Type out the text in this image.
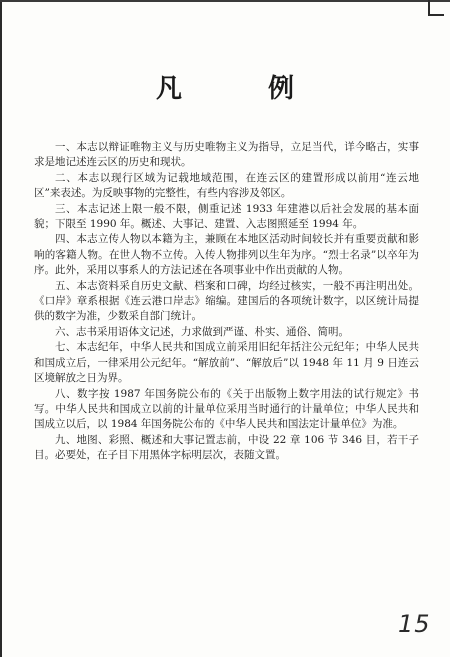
凡　例

一、本志以辩证唯物主义与历史唯物主义为指导，立足当代，详今略古，实事求是地记述连云区的历史和现状。

二、本志以现行区域为记载地域范围，在连云区的建置形成以前用“连云地区”来表述。为反映事物的完整性，有些内容涉及邻区。

三、本志记述上限一般不限，侧重记述 1933 年建港以后社会发展的基本面貌；下限至 1990 年。概述、大事记、建置、入志图照延至 1994 年。

四、本志立传人物以本籍为主，兼顾在本地区活动时间较长并有重要贡献和影响的客籍人物。在世人物不立传。入传人物排列以生年为序。“烈士名录”以卒年为序。此外，采用以事系人的方法记述在各项事业中作出贡献的人物。

五、本志资料采自历史文献、档案和口碑，均经过核实，一般不再注明出处。《口岸》章系根据《连云港口岸志》缩编。建国后的各项统计数字，以区统计局提供的数字为准，少数采自部门统计。

六、志书采用语体文记述，力求做到严谨、朴实、通俗、简明。

七、本志纪年，中华人民共和国成立前采用旧纪年括注公元纪年；中华人民共和国成立后，一律采用公元纪年。“解放前”、“解放后”以 1948 年 11 月 9 日连云区境解放之日为界。

八、数字按 1987 年国务院公布的《关于出版物上数字用法的试行规定》书写。中华人民共和国成立以前的计量单位采用当时通行的计量单位；中华人民共和国成立以后，以 1984 年国务院公布的《中华人民共和国法定计量单位》为准。

九、地图、彩照、概述和大事记置志前，中设 22 章 106 节 346 目，若干子目。必要处，在子目下用黑体字标明层次，表随文置。

15
